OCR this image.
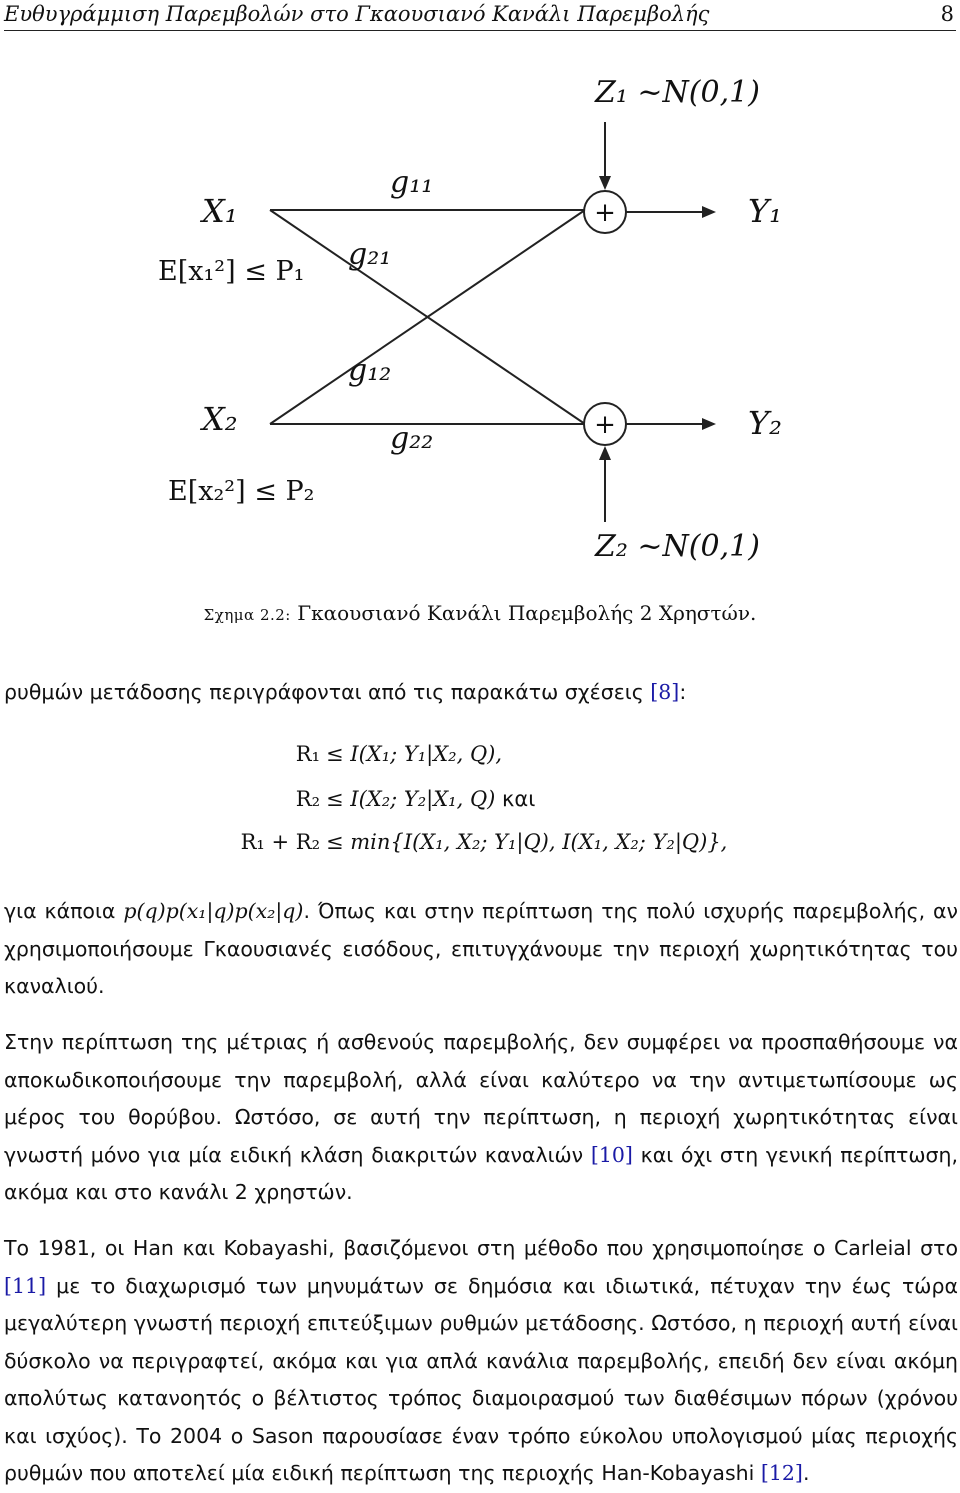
Ευθυγράμμιση Παρεμβολών στο Γκαουσιανό Κανάλι Παρεμβολής	8
+
+
Z₁ ~N(0,1)
Z₂ ~N(0,1)
X₁
X₂
E[x₁²] ≤ P₁
E[x₂²] ≤ P₂
g₁₁
g₂₁
g₁₂
g₂₂
Y₁
Y₂
Σχημα 2.2: Γκαουσιανό Κανάλι Παρεμβολής 2 Χρηστών.
ρυθμών μετάδοσης περιγράφονται από τις παρακάτω σχέσεις [8]:
R₁ ≤ I(X₁; Y₁|X₂, Q),
R₂ ≤ I(X₂; Y₂|X₁, Q) και
R₁ + R₂ ≤ min{I(X₁, X₂; Y₁|Q), I(X₁, X₂; Y₂|Q)},
για κάποια p(q)p(x₁|q)p(x₂|q). Όπως και στην περίπτωση της πολύ ισχυρής παρεμβολής, αν χρησιμοποιήσουμε Γκαουσιανές εισόδους, επιτυγχάνουμε την περιοχή χωρητικότητας του καναλιού.
Στην περίπτωση της μέτριας ή ασθενούς παρεμβολής, δεν συμφέρει να προσπαθήσουμε να αποκωδικοποιήσουμε την παρεμβολή, αλλά είναι καλύτερο να την αντιμετωπίσουμε ως μέρος του θορύβου. Ωστόσο, σε αυτή την περίπτωση, η περιοχή χωρητικότητας είναι γνωστή μόνο για μία ειδική κλάση διακριτών καναλιών [10] και όχι στη γενική περίπτωση, ακόμα και στο κανάλι 2 χρηστών.
Το 1981, οι Han και Kobayashi, βασιζόμενοι στη μέθοδο που χρησιμοποίησε ο Carleial στο [11] με το διαχωρισμό των μηνυμάτων σε δημόσια και ιδιωτικά, πέτυχαν την έως τώρα μεγαλύτερη γνωστή περιοχή επιτεύξιμων ρυθμών μετάδοσης. Ωστόσο, η περιοχή αυτή είναι δύσκολο να περιγραφτεί, ακόμα και για απλά κανάλια παρεμβολής, επειδή δεν είναι ακόμη απολύτως κατανοητός ο βέλτιστος τρόπος διαμοιρασμού των διαθέσιμων πόρων (χρόνου και ισχύος). Το 2004 ο Sason παρουσίασε έναν τρόπο εύκολου υπολογισμού μίας περιοχής ρυθμών που αποτελεί μία ειδική περίπτωση της περιοχής Han-Kobayashi [12].
